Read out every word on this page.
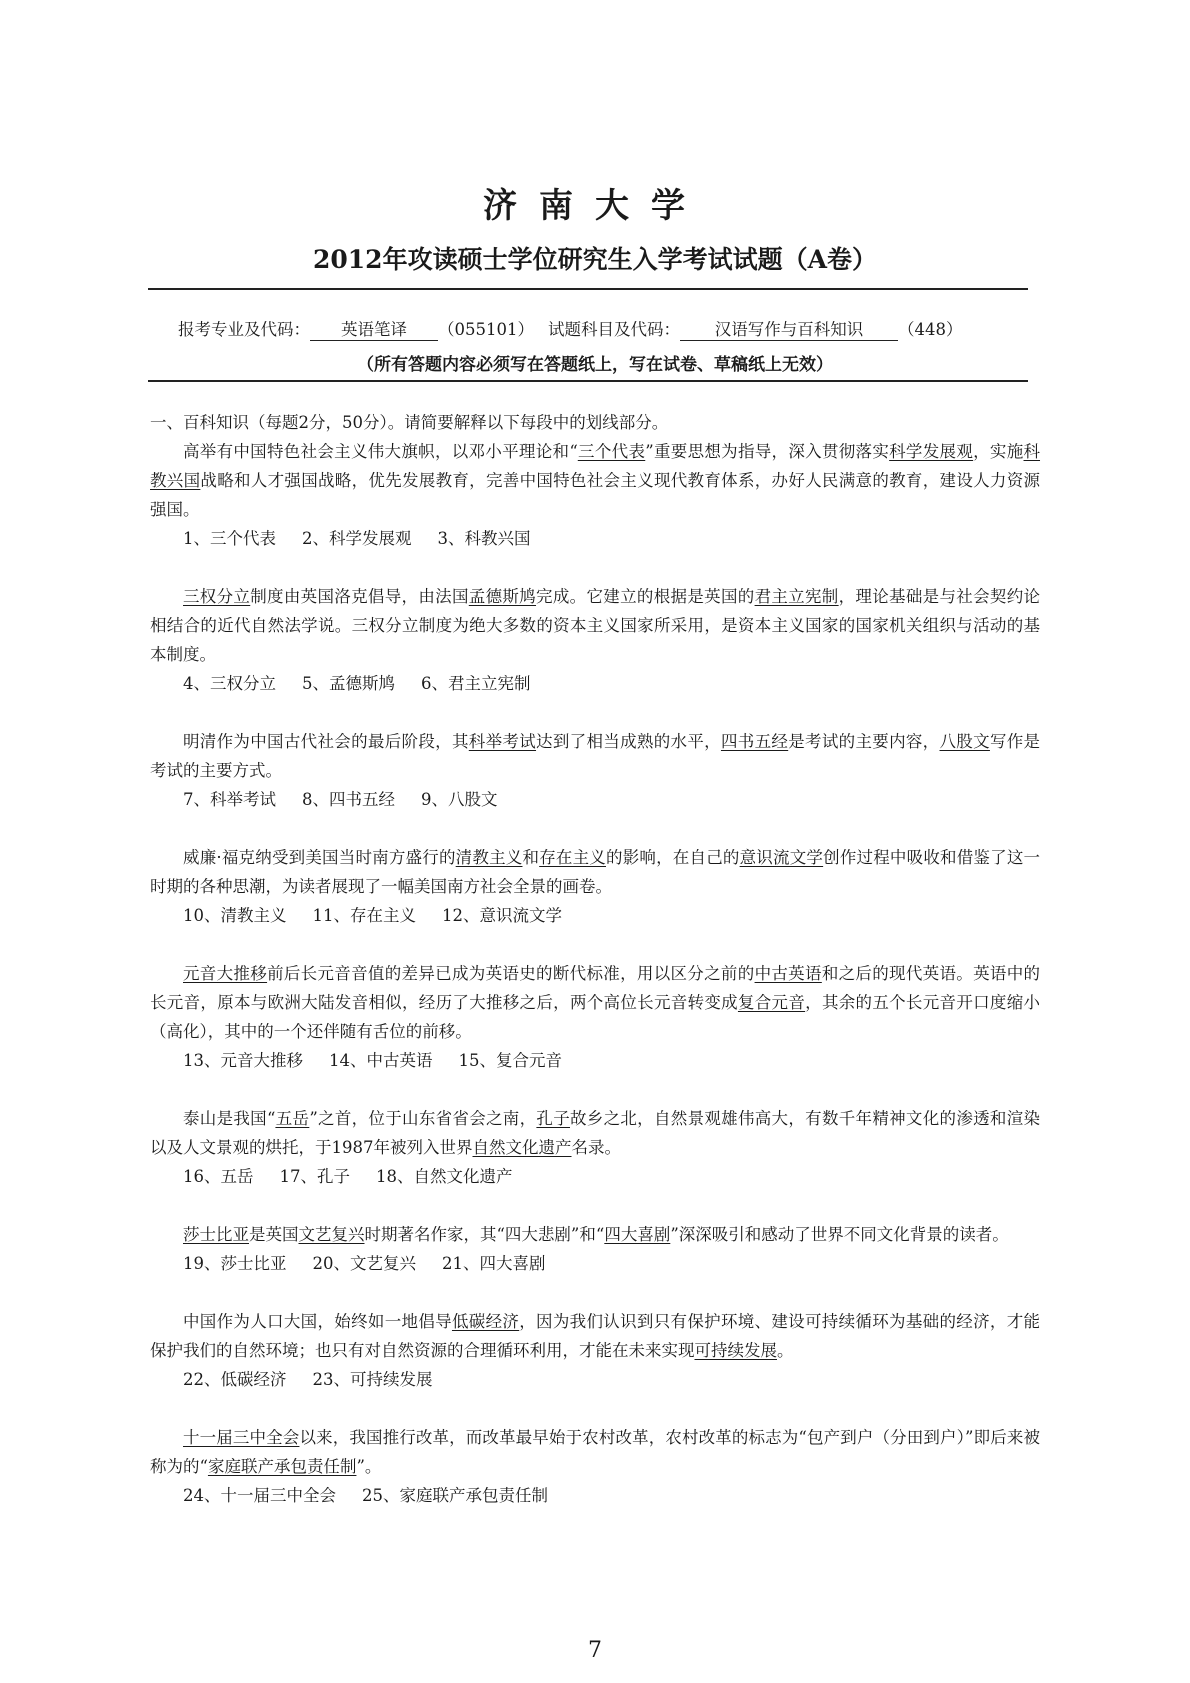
济南大学
2012年攻读硕士学位研究生入学考试试题（A卷）
报考专业及代码： 英语笔译 （055101） 试题科目及代码： 汉语写作与百科知识 （448）
（所有答题内容必须写在答题纸上，写在试卷、草稿纸上无效）

一、百科知识（每题2分，50分）。请简要解释以下每段中的划线部分。

高举有中国特色社会主义伟大旗帜，以邓小平理论和“三个代表”重要思想为指导，深入贯彻落实科学发展观，实施科教兴国战略和人才强国战略，优先发展教育，完善中国特色社会主义现代教育体系，办好人民满意的教育，建设人力资源强国。

1、三个代表 2、科学发展观 3、科教兴国

三权分立制度由英国洛克倡导，由法国孟德斯鸠完成。它建立的根据是英国的君主立宪制，理论基础是与社会契约论相结合的近代自然法学说。三权分立制度为绝大多数的资本主义国家所采用，是资本主义国家的国家机关组织与活动的基本制度。

4、三权分立 5、孟德斯鸠 6、君主立宪制

明清作为中国古代社会的最后阶段，其科举考试达到了相当成熟的水平，四书五经是考试的主要内容，八股文写作是考试的主要方式。

7、科举考试 8、四书五经 9、八股文

威廉·福克纳受到美国当时南方盛行的清教主义和存在主义的影响，在自己的意识流文学创作过程中吸收和借鉴了这一时期的各种思潮，为读者展现了一幅美国南方社会全景的画卷。

10、清教主义 11、存在主义 12、意识流文学

元音大推移前后长元音音值的差异已成为英语史的断代标准，用以区分之前的中古英语和之后的现代英语。英语中的长元音，原本与欧洲大陆发音相似，经历了大推移之后，两个高位长元音转变成复合元音，其余的五个长元音开口度缩小（高化），其中的一个还伴随有舌位的前移。

13、元音大推移 14、中古英语 15、复合元音

泰山是我国“五岳”之首，位于山东省省会之南，孔子故乡之北，自然景观雄伟高大，有数千年精神文化的渗透和渲染以及人文景观的烘托，于1987年被列入世界自然文化遗产名录。

16、五岳 17、孔子 18、自然文化遗产

莎士比亚是英国文艺复兴时期著名作家，其“四大悲剧”和“四大喜剧”深深吸引和感动了世界不同文化背景的读者。

19、莎士比亚 20、文艺复兴 21、四大喜剧

中国作为人口大国，始终如一地倡导低碳经济，因为我们认识到只有保护环境、建设可持续循环为基础的经济，才能保护我们的自然环境；也只有对自然资源的合理循环利用，才能在未来实现可持续发展。

22、低碳经济 23、可持续发展

十一届三中全会以来，我国推行改革，而改革最早始于农村改革，农村改革的标志为“包产到户（分田到户）”即后来被称为的“家庭联产承包责任制”。

24、十一届三中全会 25、家庭联产承包责任制

7
